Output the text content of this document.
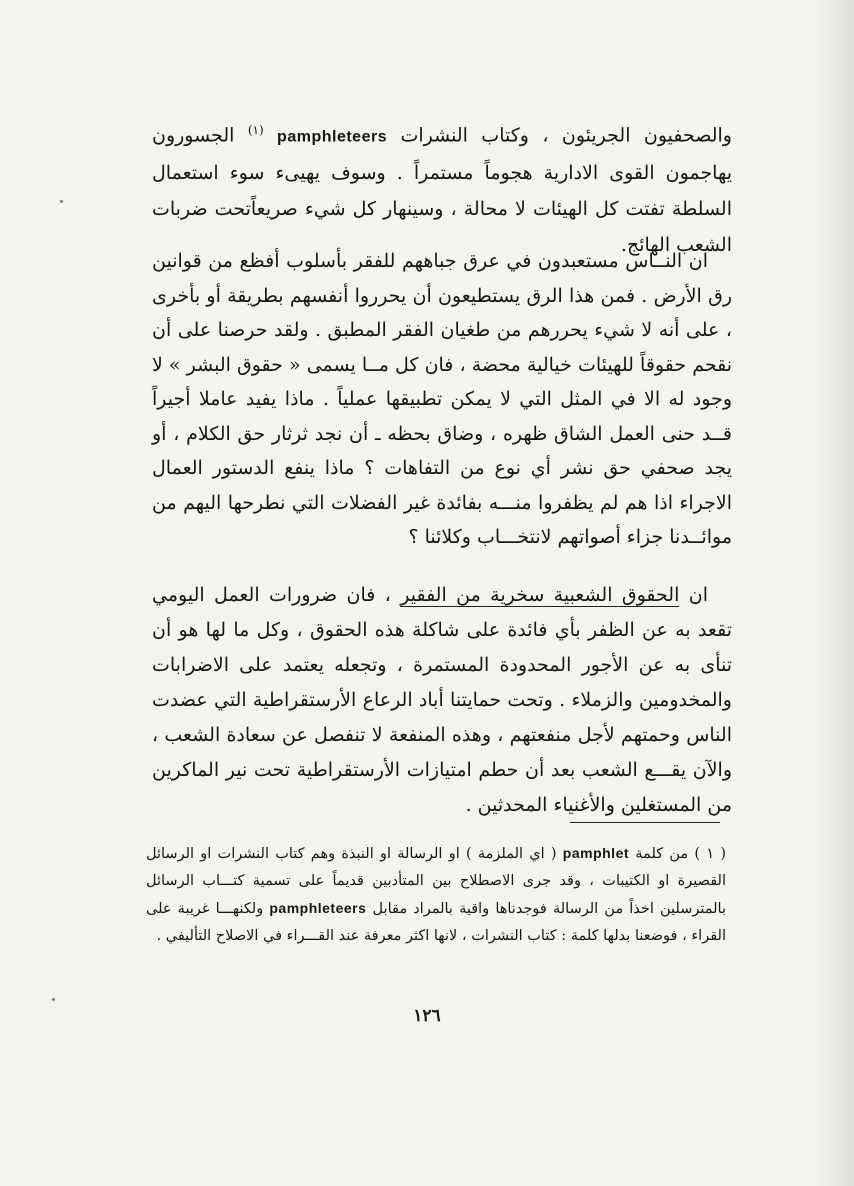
والصحفيون الجريئون ، وكتاب النشرات pamphleteers $^{(١)}$ الجسورون يهاجمون القوى الادارية هجوماً مستمراً . وسوف يهيىء سوء استعمال السلطة تفتت كل الهيئات لا محالة ، وسينهار كل شيء صريعاًتحت ضربات الشعب الهائج.

ان النــاس مستعبدون في عرق جباههم للفقر بأسلوب أفظع من قوانين رق الأرض . فمن هذا الرق يستطيعون أن يحرروا أنفسهم بطريقة أو بأخرى ، على أنه لا شيء يحررهم من طغيان الفقر المطبق . ولقد حرصنا على أن نقحم حقوقاً للهيئات خيالية محضة ، فان كل مــا يسمى « حقوق البشر » لا وجود له الا في المثل التي لا يمكن تطبيقها عملياً . ماذا يفيد عاملا أجيراً قــد حنى العمل الشاق ظهره ، وضاق بحظه ـ أن نجد ثرثار حق الكلام ، أو يجد صحفي حق نشر أي نوع من التفاهات ؟ ماذا ينفع الدستور العمال الاجراء اذا هم لم يظفروا منـــه بفائدة غير الفضلات التي نطرحها اليهم من موائــدنا جزاء أصواتهم لانتخـــاب وكلائنا ؟

ان الحقوق الشعبية سخرية من الفقير ، فان ضرورات العمل اليومي تقعد به عن الظفر بأي فائدة على شاكلة هذه الحقوق ، وكل ما لها هو أن تنأى به عن الأجور المحدودة المستمرة ، وتجعله يعتمد على الاضرابات والمخدومين والزملاء . وتحت حمايتنا أباد الرعاع الأرستقراطية التي عضدت الناس وحمتهم لأجل منفعتهم ، وهذه المنفعة لا تنفصل عن سعادة الشعب ، والآن يقـــع الشعب بعد أن حطم امتيازات الأرستقراطية تحت نير الماكرين من المستغلين والأغنياء المحدثين .

( ١ ) من كلمة pamphlet ( اي الملزمة ) او الرسالة او النبذة وهم كتاب النشرات او الرسائل القصيرة او الكتيبات ، وقد جرى الاصطلاح بين المتأدبين قديماً على تسمية كتـــاب الرسائل بالمترسلين اخذاً من الرسالة فوجدناها واقية بالمراد مقابل pamphleteers ولكنهـــا غريبة على القراء ، فوضعنا بدلها كلمة : كتاب النشرات ، لانها اكثر معرفة عند القـــراء في الاصلاح التأليفي .
١٢٦
